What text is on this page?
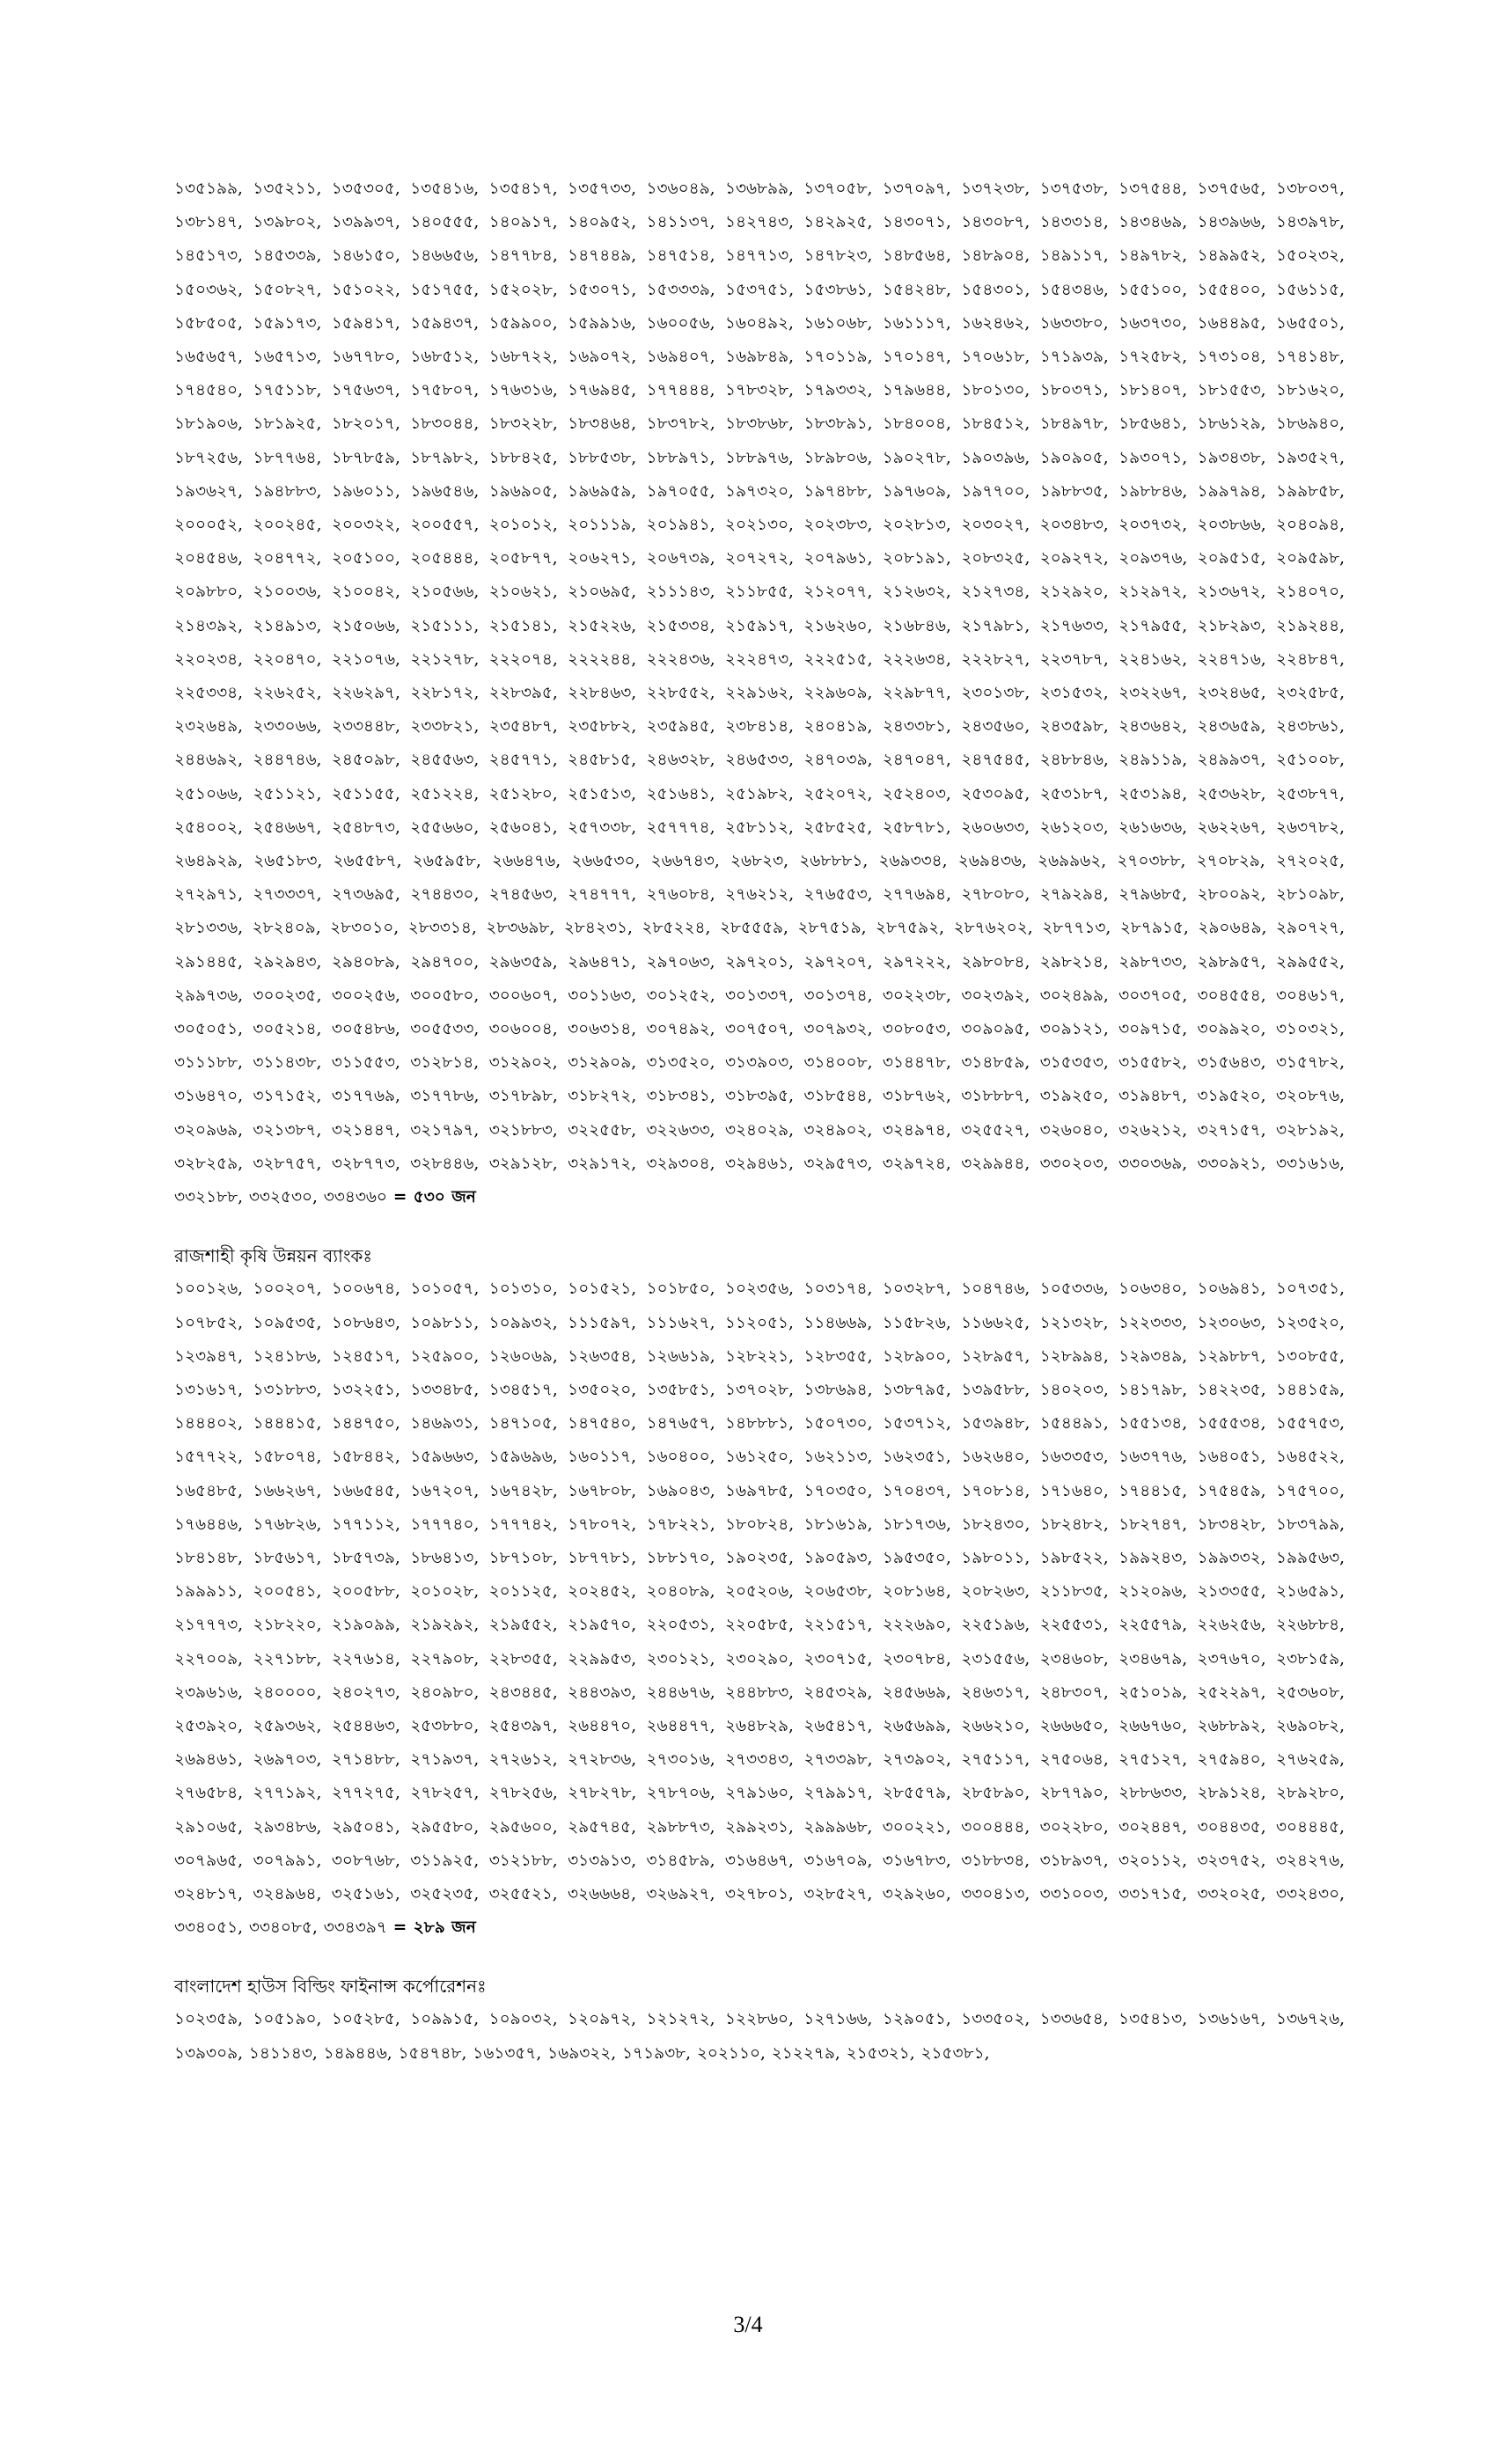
১৩৫১৯৯, ১৩৫২১১, ১৩৫৩০৫, ১৩৫৪১৬, ১৩৫৪১৭, ১৩৫৭৩৩, ১৩৬০৪৯, ১৩৬৮৯৯, ১৩৭০৫৮, ১৩৭০৯৭, ১৩৭২৩৮, ১৩৭৫৩৮, ১৩৭৫৪৪, ১৩৭৫৬৫, ১৩৮০৩৭, ১৩৮১৪৭, ১৩৯৮০২, ১৩৯৯৩৭, ১৪০৫৫৫, ১৪০৯১৭, ১৪০৯৫২, ১৪১১৩৭, ১৪২৭৪৩, ১৪২৯২৫, ১৪৩০৭১, ১৪৩০৮৭, ১৪৩৩১৪, ১৪৩৪৬৯, ১৪৩৯৬৬, ১৪৩৯৭৮, ১৪৫১৭৩, ১৪৫৩৩৯, ১৪৬১৫০, ১৪৬৬৫৬, ১৪৭৭৮৪, ১৪৭৪৪৯, ১৪৭৫১৪, ১৪৭৭১৩, ১৪৭৮২৩, ১৪৮৫৬৪, ১৪৮৯০৪, ১৪৯১১৭, ১৪৯৭৮২, ১৪৯৯৫২, ১৫০২৩২, ১৫০৩৬২, ১৫০৮২৭, ১৫১০২২, ১৫১৭৫৫, ১৫২০২৮, ১৫৩০৭১, ১৫৩৩৩৯, ১৫৩৭৫১, ১৫৩৮৬১, ১৫৪২৪৮, ১৫৪৩০১, ১৫৪৩৪৬, ১৫৫১০০, ১৫৫৪০০, ১৫৬১১৫, ১৫৮৫০৫, ১৫৯১৭৩, ১৫৯৪১৭, ১৫৯৪৩৭, ১৫৯৯০০, ১৫৯৯১৬, ১৬০০৫৬, ১৬০৪৯২, ১৬১০৬৮, ১৬১১১৭, ১৬২৪৬২, ১৬৩৩৮০, ১৬৩৭৩০, ১৬৪৪৯৫, ১৬৫৫০১, ১৬৫৬৫৭, ১৬৫৭১৩, ১৬৭৭৮০, ১৬৮৫১২, ১৬৮৭২২, ১৬৯০৭২, ১৬৯৪০৭, ১৬৯৮৪৯, ১৭০১১৯, ১৭০১৪৭, ১৭০৬১৮, ১৭১৯৩৯, ১৭২৫৮২, ১৭৩১০৪, ১৭৪১৪৮, ১৭৪৫৪০, ১৭৫১১৮, ১৭৫৬৩৭, ১৭৫৮০৭, ১৭৬৩১৬, ১৭৬৯৪৫, ১৭৭৪৪৪, ১৭৮৩২৮, ১৭৯৩৩২, ১৭৯৬৪৪, ১৮০১৩০, ১৮০৩৭১, ১৮১৪০৭, ১৮১৫৫৩, ১৮১৬২০, ১৮১৯০৬, ১৮১৯২৫, ১৮২০১৭, ১৮৩০৪৪, ১৮৩২২৮, ১৮৩৪৬৪, ১৮৩৭৮২, ১৮৩৮৬৮, ১৮৩৮৯১, ১৮৪০০৪, ১৮৪৫১২, ১৮৪৯৭৮, ১৮৫৬৪১, ১৮৬১২৯, ১৮৬৯৪০, ১৮৭২৫৬, ১৮৭৭৬৪, ১৮৭৮৫৯, ১৮৭৯৮২, ১৮৮৪২৫, ১৮৮৫৩৮, ১৮৮৯৭১, ১৮৮৯৭৬, ১৮৯৮০৬, ১৯০২৭৮, ১৯০৩৯৬, ১৯০৯০৫, ১৯৩০৭১, ১৯৩৪৩৮, ১৯৩৫২৭, ১৯৩৬২৭, ১৯৪৮৮৩, ১৯৬০১১, ১৯৬৫৪৬, ১৯৬৯০৫, ১৯৬৯৫৯, ১৯৭০৫৫, ১৯৭৩২০, ১৯৭৪৮৮, ১৯৭৬০৯, ১৯৭৭০০, ১৯৮৮৩৫, ১৯৮৮৪৬, ১৯৯৭৯৪, ১৯৯৮৫৮, ২০০০৫২, ২০০২৪৫, ২০০৩২২, ২০০৫৫৭, ২০১০১২, ২০১১১৯, ২০১৯৪১, ২০২১৩০, ২০২৩৮৩, ২০২৮১৩, ২০৩০২৭, ২০৩৪৮৩, ২০৩৭৩২, ২০৩৮৬৬, ২০৪০৯৪, ২০৪৫৪৬, ২০৪৭৭২, ২০৫১০০, ২০৫৪৪৪, ২০৫৮৭৭, ২০৬২৭১, ২০৬৭৩৯, ২০৭২৭২, ২০৭৯৬১, ২০৮১৯১, ২০৮৩২৫, ২০৯২৭২, ২০৯৩৭৬, ২০৯৫১৫, ২০৯৫৯৮, ২০৯৮৮০, ২১০০৩৬, ২১০০৪২, ২১০৫৬৬, ২১০৬২১, ২১০৬৯৫, ২১১১৪৩, ২১১৮৫৫, ২১২০৭৭, ২১২৬৩২, ২১২৭৩৪, ২১২৯২০, ২১২৯৭২, ২১৩৬৭২, ২১৪০৭০, ২১৪৩৯২, ২১৪৯১৩, ২১৫০৬৬, ২১৫১১১, ২১৫১৪১, ২১৫২২৬, ২১৫৩৩৪, ২১৫৯১৭, ২১৬২৬০, ২১৬৮৪৬, ২১৭৯৮১, ২১৭৬৩৩, ২১৭৯৫৫, ২১৮২৯৩, ২১৯২৪৪, ২২০২৩৪, ২২০৪৭০, ২২১০৭৬, ২২১২৭৮, ২২২০৭৪, ২২২২৪৪, ২২২৪৩৬, ২২২৪৭৩, ২২২৫১৫, ২২২৬৩৪, ২২২৮২৭, ২২৩৭৮৭, ২২৪১৬২, ২২৪৭১৬, ২২৪৮৪৭, ২২৫৩৩৪, ২২৬২৫২, ২২৬২৯৭, ২২৮১৭২, ২২৮৩৯৫, ২২৮৪৬৩, ২২৮৫৫২, ২২৯১৬২, ২২৯৬০৯, ২২৯৮৭৭, ২৩০১৩৮, ২৩১৫৩২, ২৩২২৬৭, ২৩২৪৬৫, ২৩২৫৮৫, ২৩২৬৪৯, ২৩৩০৬৬, ২৩৩৪৪৮, ২৩৩৮২১, ২৩৫৪৮৭, ২৩৫৮৮২, ২৩৫৯৪৫, ২৩৮৪১৪, ২৪০৪১৯, ২৪৩৩৮১, ২৪৩৫৬০, ২৪৩৫৯৮, ২৪৩৬৪২, ২৪৩৬৫৯, ২৪৩৮৬১, ২৪৪৬৯২, ২৪৪৭৪৬, ২৪৫০৯৮, ২৪৫৫৬৩, ২৪৫৭৭১, ২৪৫৮১৫, ২৪৬৩২৮, ২৪৬৫৩৩, ২৪৭০৩৯, ২৪৭০৪৭, ২৪৭৫৪৫, ২৪৮৮৪৬, ২৪৯১১৯, ২৪৯৯৩৭, ২৫১০০৮, ২৫১০৬৬, ২৫১১২১, ২৫১১৫৫, ২৫১২২৪, ২৫১২৮০, ২৫১৫১৩, ২৫১৬৪১, ২৫১৯৮২, ২৫২০৭২, ২৫২৪০৩, ২৫৩০৯৫, ২৫৩১৮৭, ২৫৩১৯৪, ২৫৩৬২৮, ২৫৩৮৭৭, ২৫৪০০২, ২৫৪৬৬৭, ২৫৪৮৭৩, ২৫৫৬৬০, ২৫৬০৪১, ২৫৭৩৩৮, ২৫৭৭৭৪, ২৫৮১১২, ২৫৮৫২৫, ২৫৮৭৮১, ২৬০৬৩৩, ২৬১২০৩, ২৬১৬৩৬, ২৬২২৬৭, ২৬৩৭৮২, ২৬৪৯২৯, ২৬৫১৮৩, ২৬৫৫৮৭, ২৬৫৯৫৮, ২৬৬৪৭৬, ২৬৬৫৩০, ২৬৬৭৪৩, ২৬৮২৩, ২৬৮৮৮১, ২৬৯৩৩৪, ২৬৯৪৩৬, ২৬৯৯৬২, ২৭০৩৮৮, ২৭০৮২৯, ২৭২০২৫, ২৭২৯৭১, ২৭৩৩৩৭, ২৭৩৬৯৫, ২৭৪৪৩০, ২৭৪৫৬৩, ২৭৪৭৭৭, ২৭৬০৮৪, ২৭৬২১২, ২৭৬৫৫৩, ২৭৭৬৯৪, ২৭৮০৮০, ২৭৯২৯৪, ২৭৯৬৮৫, ২৮০০৯২, ২৮১০৯৮, ২৮১৩৩৬, ২৮২৪০৯, ২৮৩০১০, ২৮৩৩১৪, ২৮৩৬৯৮, ২৮৪২৩১, ২৮৫২২৪, ২৮৫৫৫৯, ২৮৭৫১৯, ২৮৭৫৯২, ২৮৭৬২০২, ২৮৭৭১৩, ২৮৭৯১৫, ২৯০৬৪৯, ২৯০৭২৭, ২৯১৪৪৫, ২৯২৯৪৩, ২৯৪০৮৯, ২৯৪৭০০, ২৯৬৩৫৯, ২৯৬৪৭১, ২৯৭০৬৩, ২৯৭২০১, ২৯৭২০৭, ২৯৭২২২, ২৯৮০৮৪, ২৯৮২১৪, ২৯৮৭৩৩, ২৯৮৯৫৭, ২৯৯৫৫২, ২৯৯৭৩৬, ৩০০২৩৫, ৩০০২৫৬, ৩০০৫৮০, ৩০০৬০৭, ৩০১১৬৩, ৩০১২৫২, ৩০১৩৩৭, ৩০১৩৭৪, ৩০২২৩৮, ৩০২৩৯২, ৩০২৪৯৯, ৩০৩৭০৫, ৩০৪৫৫৪, ৩০৪৬১৭, ৩০৫০৫১, ৩০৫২১৪, ৩০৫৪৮৬, ৩০৫৫৩৩, ৩০৬০০৪, ৩০৬৩১৪, ৩০৭৪৯২, ৩০৭৫০৭, ৩০৭৯৩২, ৩০৮০৫৩, ৩০৯০৯৫, ৩০৯১২১, ৩০৯৭১৫, ৩০৯৯২০, ৩১০৩২১, ৩১১১৮৮, ৩১১৪৩৮, ৩১১৫৫৩, ৩১২৮১৪, ৩১২৯০২, ৩১২৯০৯, ৩১৩৫২০, ৩১৩৯০৩, ৩১৪০০৮, ৩১৪৪৭৮, ৩১৪৮৫৯, ৩১৫৩৫৩, ৩১৫৫৮২, ৩১৫৬৪৩, ৩১৫৭৮২, ৩১৬৪৭০, ৩১৭১৫২, ৩১৭৭৬৯, ৩১৭৭৮৬, ৩১৭৮৯৮, ৩১৮২৭২, ৩১৮৩৪১, ৩১৮৩৯৫, ৩১৮৫৪৪, ৩১৮৭৬২, ৩১৮৮৮৭, ৩১৯২৫০, ৩১৯৪৮৭, ৩১৯৫২০, ৩২০৮৭৬, ৩২০৯৬৯, ৩২১৩৮৭, ৩২১৪৪৭, ৩২১৭৯৭, ৩২১৮৮৩, ৩২২৫৫৮, ৩২২৬৩৩, ৩২৪০২৯, ৩২৪৯০২, ৩২৪৯৭৪, ৩২৫৫২৭, ৩২৬০৪০, ৩২৬২১২, ৩২৭১৫৭, ৩২৮১৯২, ৩২৮২৫৯, ৩২৮৭৫৭, ৩২৮৭৭৩, ৩২৮৪৪৬, ৩২৯১২৮, ৩২৯১৭২, ৩২৯৩০৪, ৩২৯৪৬১, ৩২৯৫৭৩, ৩২৯৭২৪, ৩২৯৯৪৪, ৩৩০২০৩, ৩৩০৩৬৯, ৩৩০৯২১, ৩৩১৬১৬, ৩৩২১৮৮, ৩৩২৫৩০, ৩৩৪৩৬০ = ৫৩০ জন
রাজশাহী কৃষি উন্নয়ন ব্যাংকঃ
১০০১২৬, ১০০২০৭, ১০০৬৭৪, ১০১০৫৭, ১০১৩১০, ১০১৫২১, ১০১৮৫০, ১০২৩৫৬, ১০৩১৭৪, ১০৩২৮৭, ১০৪৭৪৬, ১০৫৩৩৬, ১০৬৩৪০, ১০৬৯৪১, ১০৭৩৫১, ১০৭৮৫২, ১০৯৫৩৫, ১০৮৬৪৩, ১০৯৮১১, ১০৯৯৩২, ১১১৫৯৭, ১১১৬২৭, ১১২০৫১, ১১৪৬৬৯, ১১৫৮২৬, ১১৬৬২৫, ১২১৩২৮, ১২২৩৩৩, ১২৩০৬৩, ১২৩৫২০, ১২৩৯৪৭, ১২৪১৮৬, ১২৪৫১৭, ১২৫৯০০, ১২৬০৬৯, ১২৬৩৫৪, ১২৬৬১৯, ১২৮২২১, ১২৮৩৫৫, ১২৮৯০০, ১২৮৯৫৭, ১২৮৯৯৪, ১২৯৩৪৯, ১২৯৮৮৭, ১৩০৮৫৫, ১৩১৬১৭, ১৩১৮৮৩, ১৩২২৫১, ১৩৩৪৮৫, ১৩৪৫১৭, ১৩৫০২০, ১৩৫৮৫১, ১৩৭০২৮, ১৩৮৬৯৪, ১৩৮৭৯৫, ১৩৯৫৮৮, ১৪০২০৩, ১৪১৭৯৮, ১৪২২৩৫, ১৪৪১৫৯, ১৪৪৪০২, ১৪৪৪১৫, ১৪৪৭৫০, ১৪৬৯৩১, ১৪৭১০৫, ১৪৭৫৪০, ১৪৭৬৫৭, ১৪৮৮৮১, ১৫০৭৩০, ১৫৩৭১২, ১৫৩৯৪৮, ১৫৪৪৯১, ১৫৫১৩৪, ১৫৫৫৩৪, ১৫৫৭৫৩, ১৫৭৭২২, ১৫৮০৭৪, ১৫৮৪৪২, ১৫৯৬৬৩, ১৫৯৬৯৬, ১৬০১১৭, ১৬০৪০০, ১৬১২৫০, ১৬২১১৩, ১৬২৩৫১, ১৬২৬৪০, ১৬৩৩৫৩, ১৬৩৭৭৬, ১৬৪০৫১, ১৬৪৫২২, ১৬৫৪৮৫, ১৬৬২৬৭, ১৬৬৫৪৫, ১৬৭২০৭, ১৬৭৪২৮, ১৬৭৮০৮, ১৬৯০৪৩, ১৬৯৭৮৫, ১৭০৩৫০, ১৭০৪৩৭, ১৭০৮১৪, ১৭১৬৪০, ১৭৪৪১৫, ১৭৫৪৫৯, ১৭৫৭০০, ১৭৬৪৪৬, ১৭৬৮২৬, ১৭৭১১২, ১৭৭৭৪০, ১৭৭৭৪২, ১৭৮০৭২, ১৭৮২২১, ১৮০৮২৪, ১৮১৬১৯, ১৮১৭৩৬, ১৮২৪৩০, ১৮২৪৮২, ১৮২৭৪৭, ১৮৩৪২৮, ১৮৩৭৯৯, ১৮৪১৪৮, ১৮৫৬১৭, ১৮৫৭৩৯, ১৮৬৪১৩, ১৮৭১০৮, ১৮৭৭৮১, ১৮৮১৭০, ১৯০২৩৫, ১৯০৫৯৩, ১৯৫৩৫০, ১৯৮০১১, ১৯৮৫২২, ১৯৯২৪৩, ১৯৯৩৩২, ১৯৯৫৬৩, ১৯৯৯১১, ২০০৫৪১, ২০০৫৮৮, ২০১০২৮, ২০১১২৫, ২০২৪৫২, ২০৪০৮৯, ২০৫২০৬, ২০৬৫৩৮, ২০৮১৬৪, ২০৮২৬৩, ২১১৮৩৫, ২১২০৯৬, ২১৩৩৫৫, ২১৬৫৯১, ২১৭৭৭৩, ২১৮২২০, ২১৯০৯৯, ২১৯২৯২, ২১৯৫৫২, ২১৯৫৭০, ২২০৫৩১, ২২০৫৮৫, ২২১৫১৭, ২২২৬৯০, ২২৫১৯৬, ২২৫৫৩১, ২২৫৫৭৯, ২২৬২৫৬, ২২৬৮৮৪, ২২৭০০৯, ২২৭১৮৮, ২২৭৬১৪, ২২৭৯০৮, ২২৮৩৫৫, ২২৯৯৫৩, ২৩০১২১, ২৩০২৯০, ২৩০৭১৫, ২৩০৭৮৪, ২৩১৫৫৬, ২৩৪৬০৮, ২৩৪৬৭৯, ২৩৭৬৭০, ২৩৮১৫৯, ২৩৯৬১৬, ২৪০০০০, ২৪০২৭৩, ২৪০৯৮০, ২৪৩৪৪৫, ২৪৪৩৯৩, ২৪৪৬৭৬, ২৪৪৮৮৩, ২৪৫৩২৯, ২৪৫৬৬৯, ২৪৬৩১৭, ২৪৮৩০৭, ২৫১০১৯, ২৫২২৯৭, ২৫৩৬০৮, ২৫৩৯২০, ২৫৯৩৬২, ২৫৪৪৬৩, ২৫৩৮৮০, ২৫৪৩৯৭, ২৬৪৪৭০, ২৬৪৪৭৭, ২৬৪৮২৯, ২৬৫৪১৭, ২৬৫৬৯৯, ২৬৬২১০, ২৬৬৬৫০, ২৬৬৭৬০, ২৬৮৮৯২, ২৬৯০৮২, ২৬৯৪৬১, ২৬৯৭০৩, ২৭১৪৮৮, ২৭১৯৩৭, ২৭২৬১২, ২৭২৮৩৬, ২৭৩০১৬, ২৭৩৩৪৩, ২৭৩৩৯৮, ২৭৩৯০২, ২৭৫১১৭, ২৭৫০৬৪, ২৭৫১২৭, ২৭৫৯৪০, ২৭৬২৫৯, ২৭৬৫৮৪, ২৭৭১৯২, ২৭৭২৭৫, ২৭৮২৫৭, ২৭৮২৫৬, ২৭৮২৭৮, ২৭৮৭০৬, ২৭৯১৬০, ২৭৯৯১৭, ২৮৫৫৭৯, ২৮৫৮৯০, ২৮৭৭৯০, ২৮৮৬৩৩, ২৮৯১২৪, ২৮৯২৮০, ২৯১০৬৫, ২৯৩৪৮৬, ২৯৫০৪১, ২৯৫৫৮০, ২৯৫৬০০, ২৯৫৭৪৫, ২৯৮৮৭৩, ২৯৯২৩১, ২৯৯৯৬৮, ৩০০২২১, ৩০০৪৪৪, ৩০২২৮০, ৩০২৪৪৭, ৩০৪৪৩৫, ৩০৪৪৪৫, ৩০৭৯৬৫, ৩০৭৯৯১, ৩০৮৭৬৮, ৩১১৯২৫, ৩১২১৮৮, ৩১৩৯১৩, ৩১৪৫৮৯, ৩১৬৪৬৭, ৩১৬৭০৯, ৩১৬৭৮৩, ৩১৮৮৩৪, ৩১৮৯৩৭, ৩২০১১২, ৩২৩৭৫২, ৩২৪২৭৬, ৩২৪৮১৭, ৩২৪৯৬৪, ৩২৫১৬১, ৩২৫২৩৫, ৩২৫৫২১, ৩২৬৬৬৪, ৩২৬৯২৭, ৩২৭৮০১, ৩২৮৫২৭, ৩২৯২৬০, ৩৩০৪১৩, ৩৩১০০৩, ৩৩১৭১৫, ৩৩২০২৫, ৩৩২৪৩০, ৩৩৪০৫১, ৩৩৪০৮৫, ৩৩৪৩৯৭ = ২৮৯ জন
বাংলাদেশ হাউস বিল্ডিং ফাইনান্স কর্পোরেশনঃ
১০২৩৫৯, ১০৫১৯০, ১০৫২৮৫, ১০৯৯১৫, ১০৯০৩২, ১২০৯৭২, ১২১২৭২, ১২২৮৬০, ১২৭১৬৬, ১২৯০৫১, ১৩৩৫০২, ১৩৩৬৫৪, ১৩৫৪১৩, ১৩৬১৬৭, ১৩৬৭২৬, ১৩৯৩০৯, ১৪১১৪৩, ১৪৯৪৪৬, ১৫৪৭৪৮, ১৬১৩৫৭, ১৬৯৩২২, ১৭১৯৩৮, ২০২১১০, ২১২২৭৯, ২১৫৩২১, ২১৫৩৮১,
3/4
